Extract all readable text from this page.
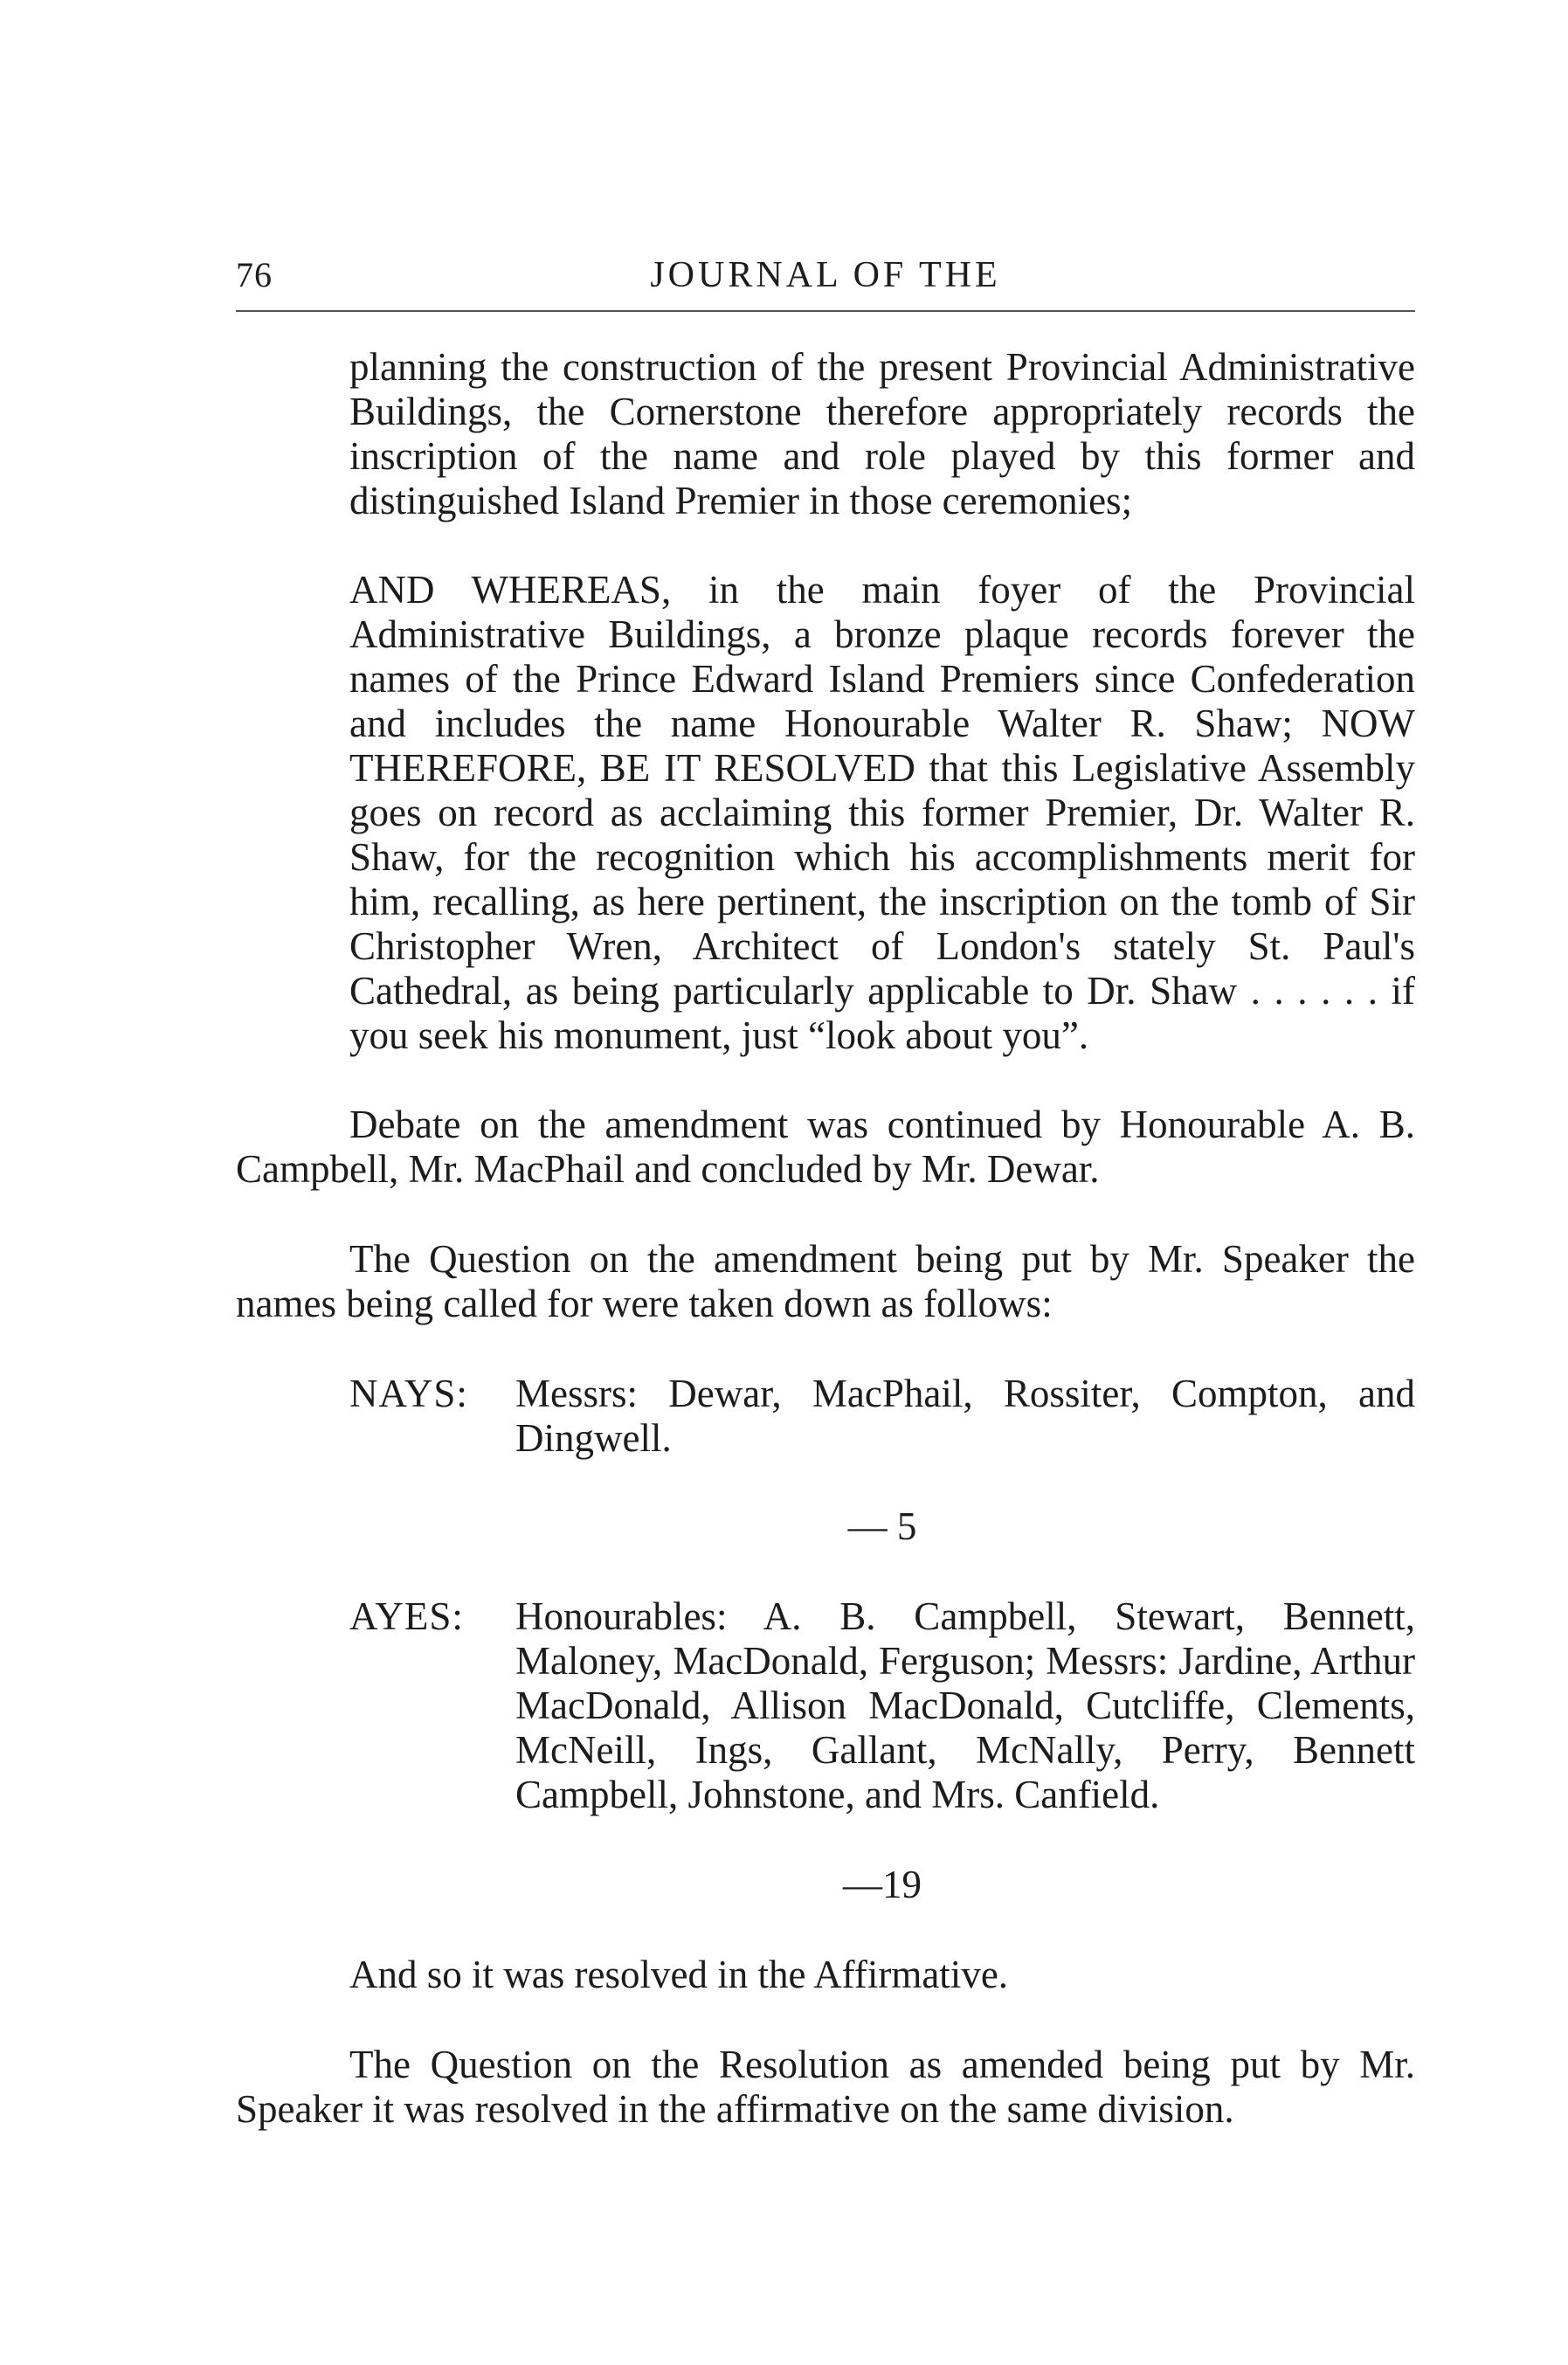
76	JOURNAL OF THE

planning the construction of the present Provincial Administrative Buildings, the Cornerstone therefore appropriately records the inscription of the name and role played by this former and distinguished Island Premier in those ceremonies;

AND WHEREAS, in the main foyer of the Provincial Administrative Buildings, a bronze plaque records forever the names of the Prince Edward Island Premiers since Confederation and includes the name Honourable Walter R. Shaw; NOW THEREFORE, BE IT RESOLVED that this Legislative Assembly goes on record as acclaiming this former Premier, Dr. Walter R. Shaw, for the recognition which his accomplishments merit for him, recalling, as here pertinent, the inscription on the tomb of Sir Christopher Wren, Architect of London's stately St. Paul's Cathedral, as being particularly applicable to Dr. Shaw . . . . . . if you seek his monument, just “look about you”.

Debate on the amendment was continued by Honourable A. B. Campbell, Mr. MacPhail and concluded by Mr. Dewar.

The Question on the amendment being put by Mr. Speaker the names being called for were taken down as follows:

NAYS:	Messrs: Dewar, MacPhail, Rossiter, Compton, and Dingwell.
— 5
AYES:	Honourables: A. B. Campbell, Stewart, Bennett, Maloney, MacDonald, Ferguson; Messrs: Jardine, Arthur MacDonald, Allison MacDonald, Cutcliffe, Clements, McNeill, Ings, Gallant, McNally, Perry, Bennett Campbell, Johnstone, and Mrs. Canfield.
—19

And so it was resolved in the Affirmative.

The Question on the Resolution as amended being put by Mr. Speaker it was resolved in the affirmative on the same division.
